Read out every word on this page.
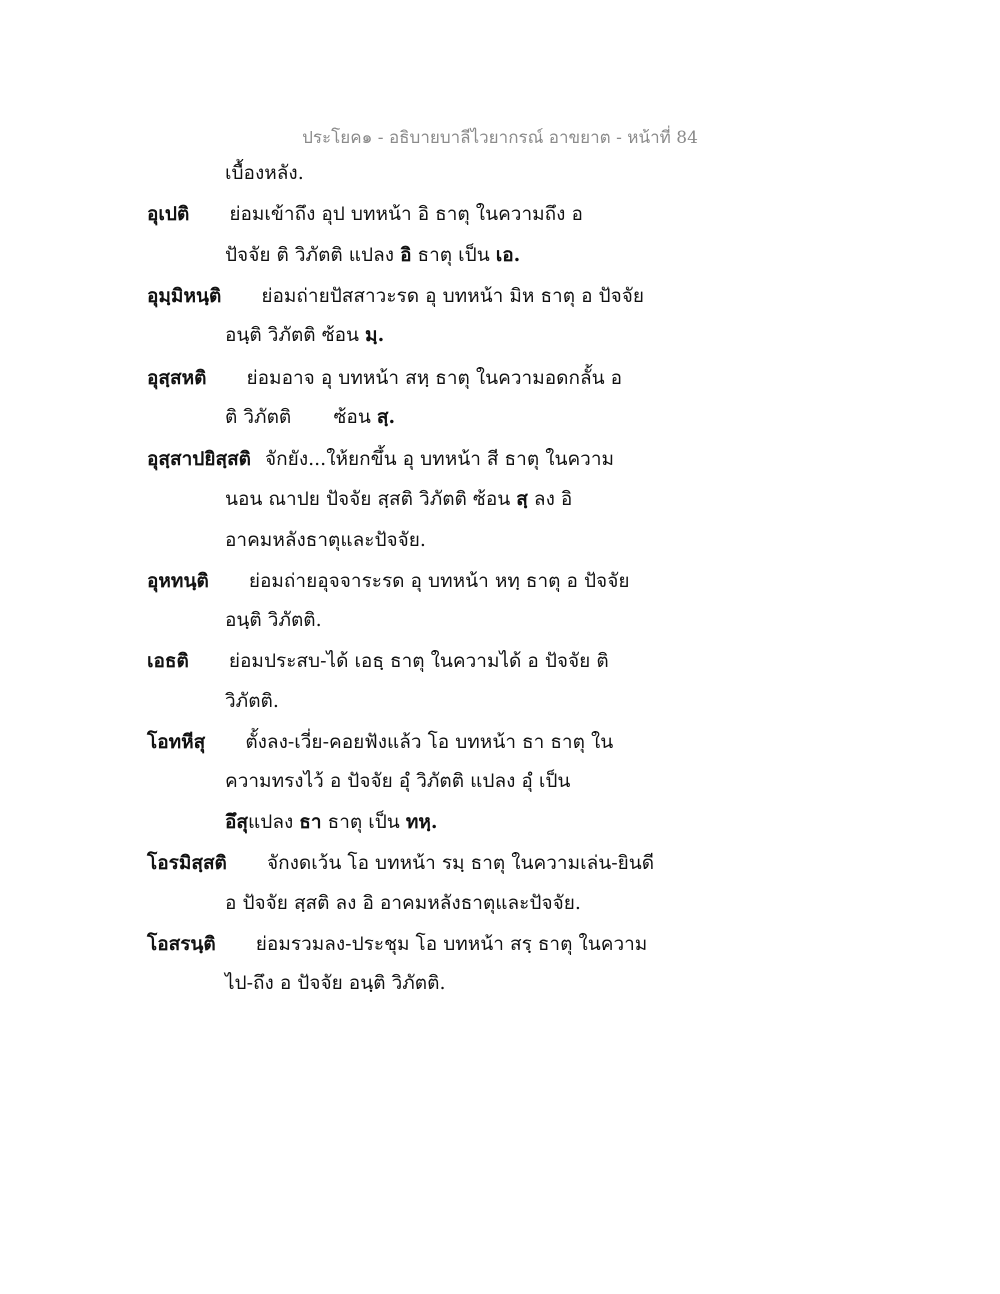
ประโยค๑ - อธิบายบาลีไวยากรณ์ อาขยาต - หน้าที่ 84
เบื้องหลัง.
อุเปติ ย่อมเข้าถึง อุป บทหน้า อิ ธาตุ ในความถึง อ
ปัจจัย ติ วิภัตติ แปลง อิ ธาตุ เป็น เอ.
อุมฺมิหนฺติ ย่อมถ่ายปัสสาวะรด อุ บทหน้า มิห ธาตุ อ ปัจจัย
อนฺติ วิภัตติ ซ้อน มฺ.
อุสฺสหติ ย่อมอาจ อุ บทหน้า สหฺ ธาตุ ในความอดกลั้น อ
ติ วิภัตติ       ซ้อน สฺ.
อุสฺสาปยิสฺสติ จักยัง...ให้ยกขึ้น อุ บทหน้า สี ธาตุ ในความ
นอน ณาปย ปัจจัย สฺสติ วิภัตติ ซ้อน สฺ ลง อิ
อาคมหลังธาตุและปัจจัย.
อุหทนฺติ ย่อมถ่ายอุจจาระรด อุ บทหน้า หทฺ ธาตุ อ ปัจจัย
อนฺติ วิภัตติ.
เอธติ ย่อมประสบ-ได้ เอธฺ ธาตุ ในความได้ อ ปัจจัย ติ
วิภัตติ.
โอทหีสุ ตั้งลง-เวี่ย-คอยฟังแล้ว โอ บทหน้า ธา ธาตุ ใน
ความทรงไว้ อ ปัจจัย อุํ วิภัตติ แปลง อุํ เป็น
อึสุแปลง ธา ธาตุ เป็น ทหฺ.
โอรมิสฺสติ จักงดเว้น โอ บทหน้า รมฺ ธาตุ ในความเล่น-ยินดี
อ ปัจจัย สฺสติ ลง อิ อาคมหลังธาตุและปัจจัย.
โอสรนฺติ ย่อมรวมลง-ประชุม โอ บทหน้า สรฺ ธาตุ ในความ
ไป-ถึง อ ปัจจัย อนฺติ วิภัตติ.
